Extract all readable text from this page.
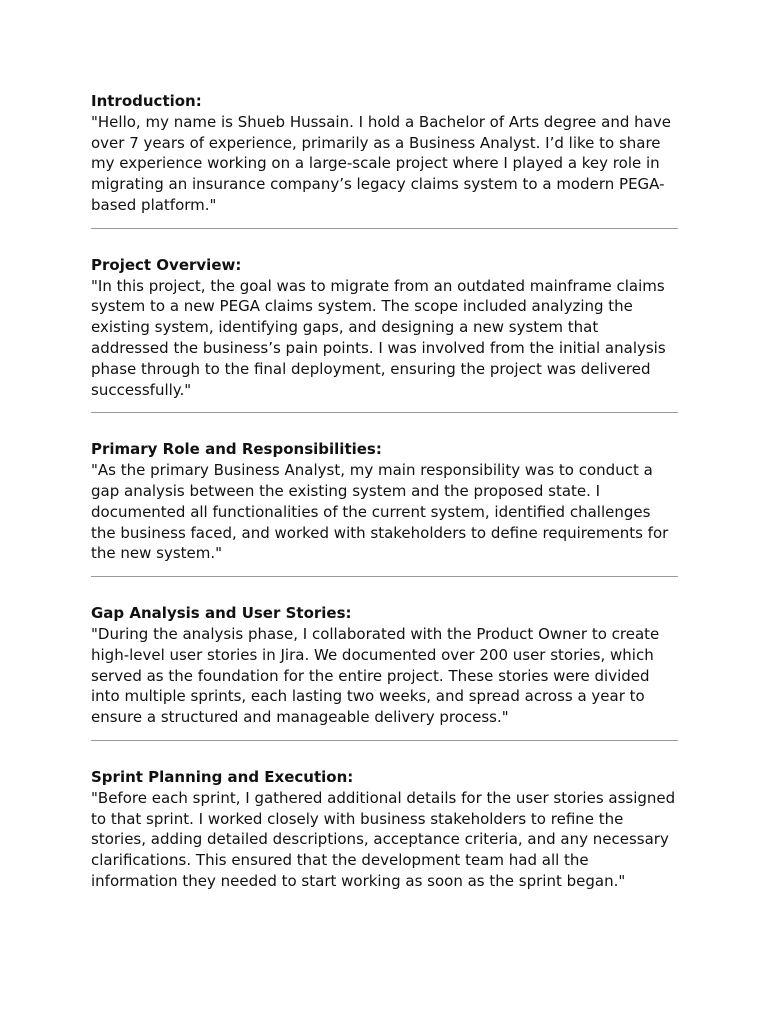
Introduction:

"Hello, my name is Shueb Hussain. I hold a Bachelor of Arts degree and have over 7 years of experience, primarily as a Business Analyst. I’d like to share my experience working on a large-scale project where I played a key role in migrating an insurance company’s legacy claims system to a modern PEGA-based platform."

Project Overview:

"In this project, the goal was to migrate from an outdated mainframe claims system to a new PEGA claims system. The scope included analyzing the existing system, identifying gaps, and designing a new system that addressed the business’s pain points. I was involved from the initial analysis phase through to the final deployment, ensuring the project was delivered successfully."

Primary Role and Responsibilities:

"As the primary Business Analyst, my main responsibility was to conduct a gap analysis between the existing system and the proposed state. I documented all functionalities of the current system, identified challenges the business faced, and worked with stakeholders to define requirements for the new system."

Gap Analysis and User Stories:

"During the analysis phase, I collaborated with the Product Owner to create high-level user stories in Jira. We documented over 200 user stories, which served as the foundation for the entire project. These stories were divided into multiple sprints, each lasting two weeks, and spread across a year to ensure a structured and manageable delivery process."

Sprint Planning and Execution:

"Before each sprint, I gathered additional details for the user stories assigned to that sprint. I worked closely with business stakeholders to refine the stories, adding detailed descriptions, acceptance criteria, and any necessary clarifications. This ensured that the development team had all the information they needed to start working as soon as the sprint began."
